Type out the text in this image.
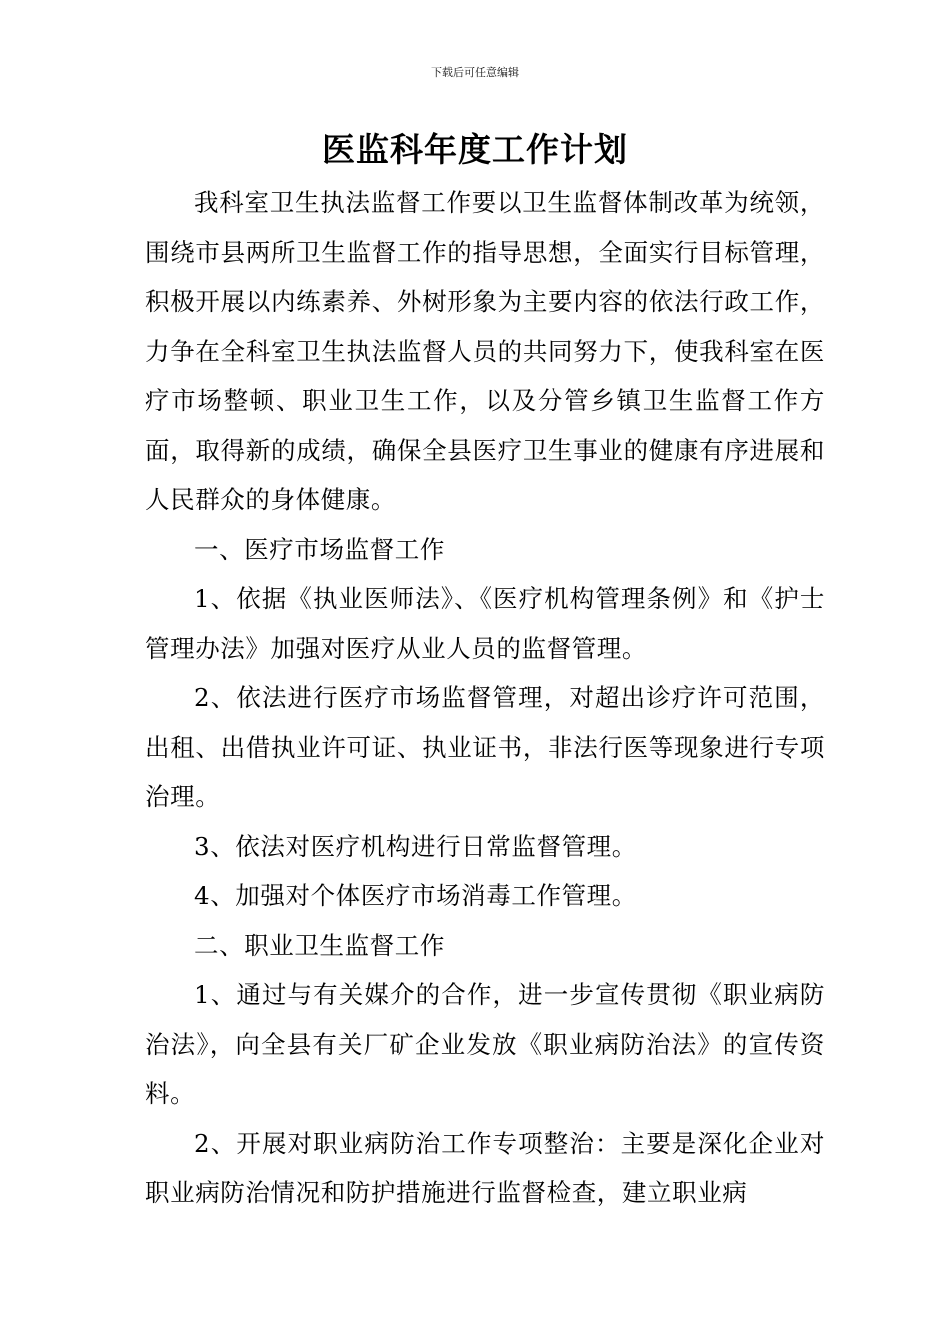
下载后可任意编辑
医监科年度工作计划

我科室卫生执法监督工作要以卫生监督体制改革为统领，围绕市县两所卫生监督工作的指导思想，全面实行目标管理，积极开展以内练素养、外树形象为主要内容的依法行政工作，力争在全科室卫生执法监督人员的共同努力下，使我科室在医疗市场整顿、职业卫生工作，以及分管乡镇卫生监督工作方面，取得新的成绩，确保全县医疗卫生事业的健康有序进展和人民群众的身体健康。

一、医疗市场监督工作

1、依据《执业医师法》、《医疗机构管理条例》和《护士管理办法》加强对医疗从业人员的监督管理。

2、依法进行医疗市场监督管理，对超出诊疗许可范围，出租、出借执业许可证、执业证书，非法行医等现象进行专项治理。

3、依法对医疗机构进行日常监督管理。

4、加强对个体医疗市场消毒工作管理。

二、职业卫生监督工作

1、通过与有关媒介的合作，进一步宣传贯彻《职业病防治法》，向全县有关厂矿企业发放《职业病防治法》的宣传资料。

2、开展对职业病防治工作专项整治：主要是深化企业对职业病防治情况和防护措施进行监督检查，建立职业病
